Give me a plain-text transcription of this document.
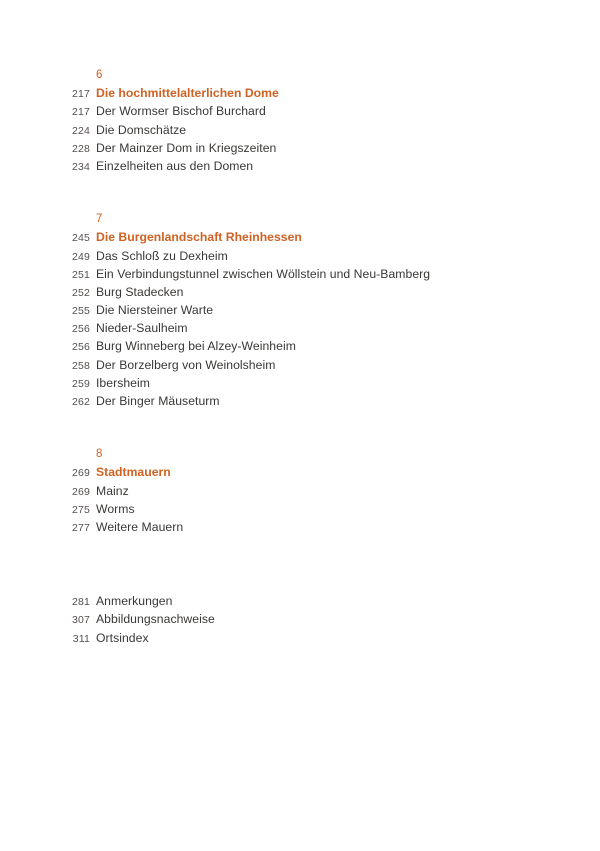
6
217 Die hochmittelalterlichen Dome
217 Der Wormser Bischof Burchard
224 Die Domschätze
228 Der Mainzer Dom in Kriegszeiten
234 Einzelheiten aus den Domen
7
245 Die Burgenlandschaft Rheinhessen
249 Das Schloß zu Dexheim
251 Ein Verbindungstunnel zwischen Wöllstein und Neu-Bamberg
252 Burg Stadecken
255 Die Niersteiner Warte
256 Nieder-Saulheim
256 Burg Winneberg bei Alzey-Weinheim
258 Der Borzelberg von Weinolsheim
259 Ibersheim
262 Der Binger Mäuseturm
8
269 Stadtmauern
269 Mainz
275 Worms
277 Weitere Mauern
281 Anmerkungen
307 Abbildungsnachweise
311 Ortsindex
